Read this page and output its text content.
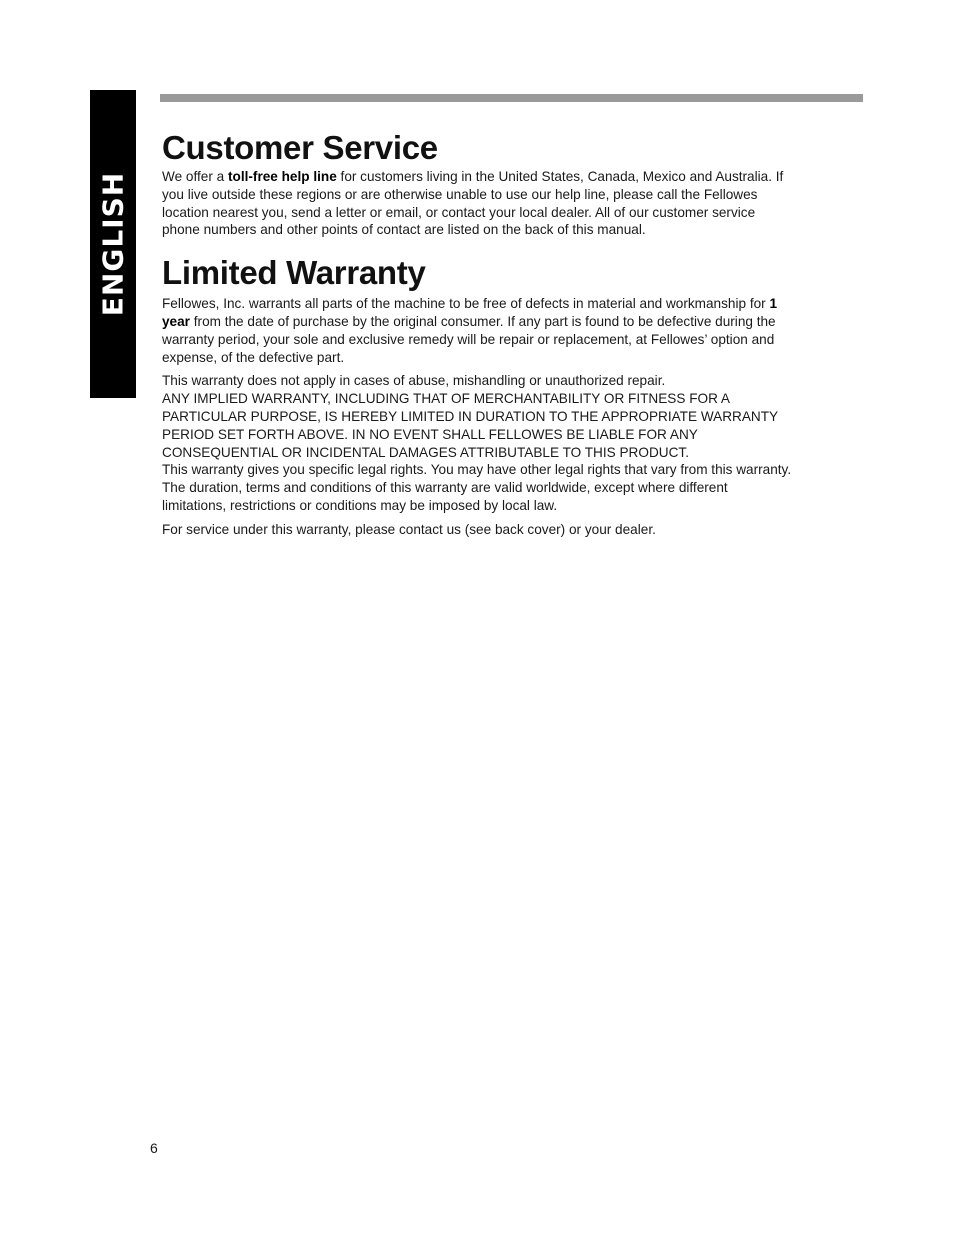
ENGLISH
Customer Service

We offer a toll-free help line for customers living in the United States, Canada, Mexico and Australia. If you live outside these regions or are otherwise unable to use our help line, please call the Fellowes location nearest you, send a letter or email, or contact your local dealer. All of our customer service phone numbers and other points of contact are listed on the back of this manual.

Limited Warranty

Fellowes, Inc. warrants all parts of the machine to be free of defects in material and workmanship for 1 year from the date of purchase by the original consumer. If any part is found to be defective during the warranty period, your sole and exclusive remedy will be repair or replacement, at Fellowes’ option and expense, of the defective part.

This warranty does not apply in cases of abuse, mishandling or unauthorized repair.

ANY IMPLIED WARRANTY, INCLUDING THAT OF MERCHANTABILITY OR FITNESS FOR A PARTICULAR PURPOSE, IS HEREBY LIMITED IN DURATION TO THE APPROPRIATE WARRANTY PERIOD SET FORTH ABOVE. IN NO EVENT SHALL FELLOWES BE LIABLE FOR ANY CONSEQUENTIAL OR INCIDENTAL DAMAGES ATTRIBUTABLE TO THIS PRODUCT.

This warranty gives you specific legal rights. You may have other legal rights that vary from this warranty. The duration, terms and conditions of this warranty are valid worldwide, except where different limitations, restrictions or conditions may be imposed by local law.

For service under this warranty, please contact us (see back cover) or your dealer.

6
